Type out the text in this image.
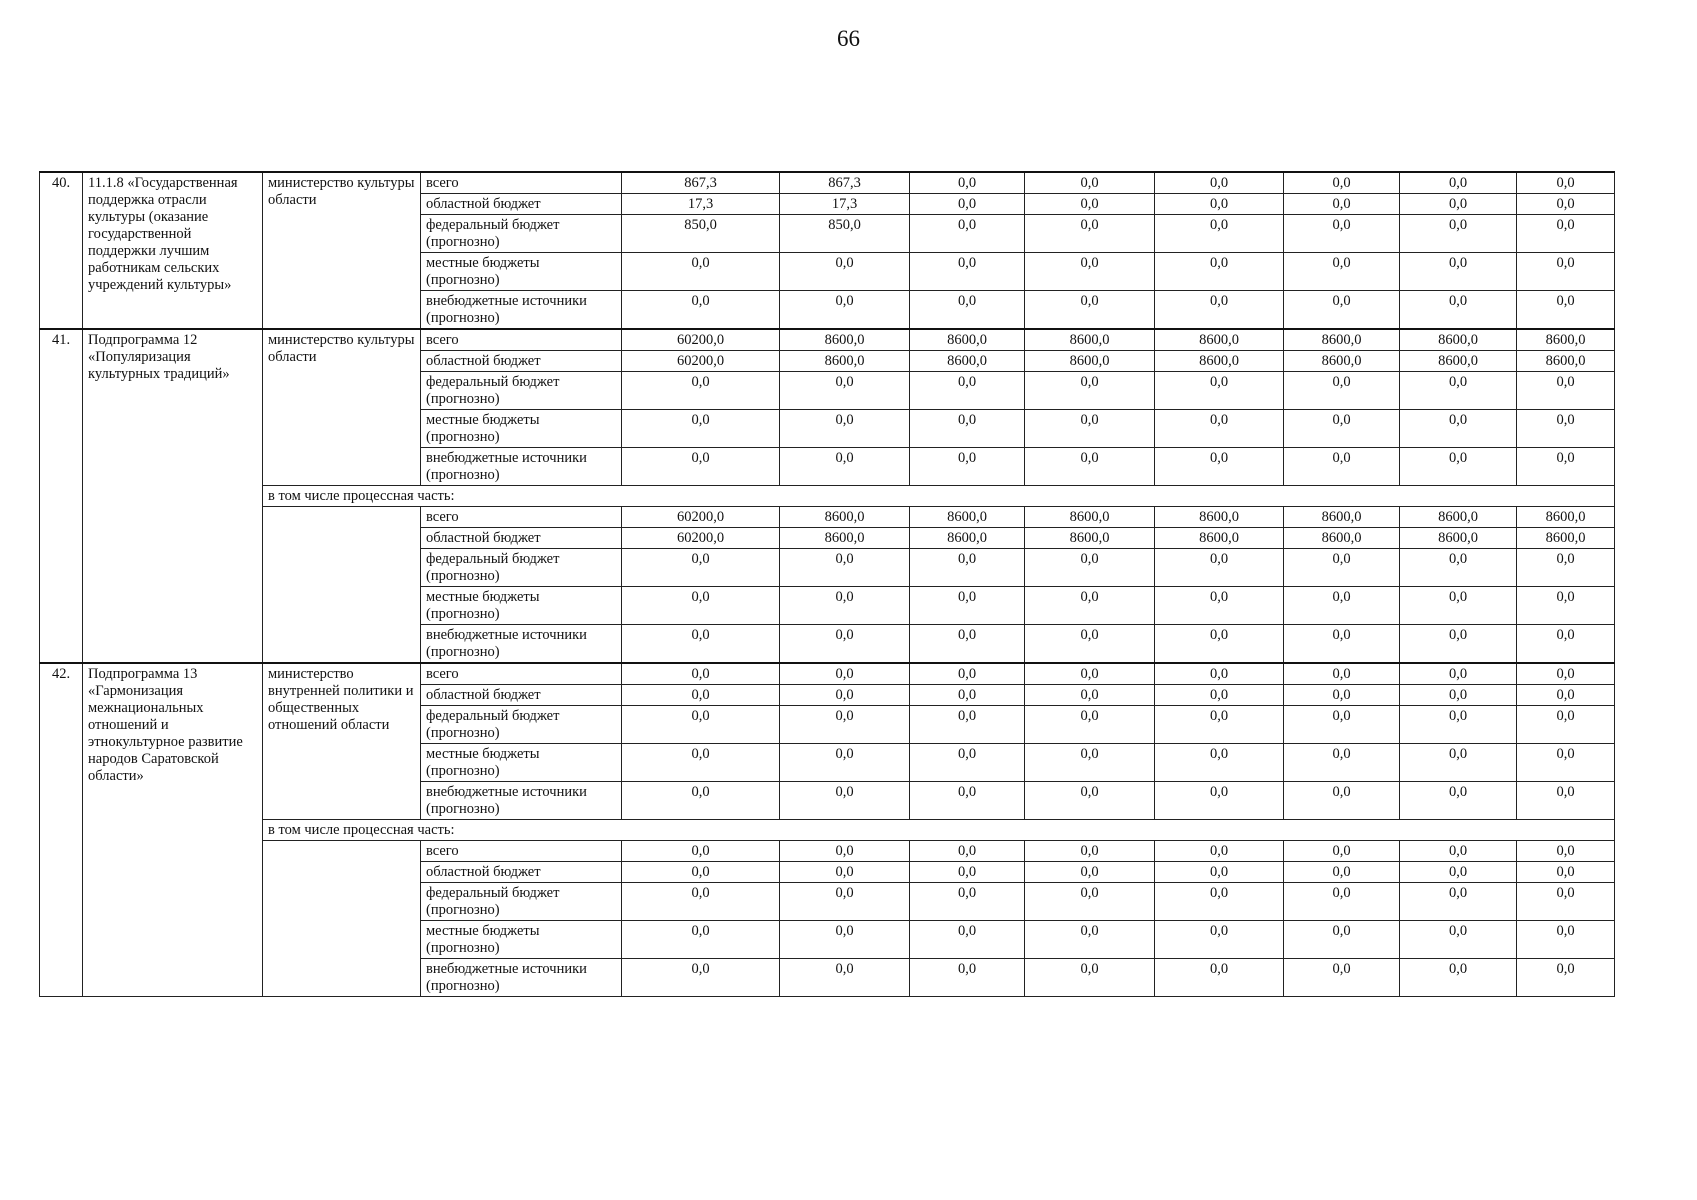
66
40.	11.1.8 «Государственная поддержка отрасли культуры (оказание государственной поддержки лучшим работникам сельских учреждений культуры»	министерство культуры области	всего	867,3	867,3	0,0	0,0	0,0	0,0	0,0	0,0
			областной бюджет	17,3	17,3	0,0	0,0	0,0	0,0	0,0	0,0
			федеральный бюджет (прогнозно)	850,0	850,0	0,0	0,0	0,0	0,0	0,0	0,0
			местные бюджеты (прогнозно)	0,0	0,0	0,0	0,0	0,0	0,0	0,0	0,0
			внебюджетные источники (прогнозно)	0,0	0,0	0,0	0,0	0,0	0,0	0,0	0,0
41.	Подпрограмма 12 «Популяризация культурных традиций»	министерство культуры области	всего	60200,0	8600,0	8600,0	8600,0	8600,0	8600,0	8600,0	8600,0
			областной бюджет	60200,0	8600,0	8600,0	8600,0	8600,0	8600,0	8600,0	8600,0
			федеральный бюджет (прогнозно)	0,0	0,0	0,0	0,0	0,0	0,0	0,0	0,0
			местные бюджеты (прогнозно)	0,0	0,0	0,0	0,0	0,0	0,0	0,0	0,0
			внебюджетные источники (прогнозно)	0,0	0,0	0,0	0,0	0,0	0,0	0,0	0,0
		в том числе процессная часть:									
			всего	60200,0	8600,0	8600,0	8600,0	8600,0	8600,0	8600,0	8600,0
			областной бюджет	60200,0	8600,0	8600,0	8600,0	8600,0	8600,0	8600,0	8600,0
			федеральный бюджет (прогнозно)	0,0	0,0	0,0	0,0	0,0	0,0	0,0	0,0
			местные бюджеты (прогнозно)	0,0	0,0	0,0	0,0	0,0	0,0	0,0	0,0
			внебюджетные источники (прогнозно)	0,0	0,0	0,0	0,0	0,0	0,0	0,0	0,0
42.	Подпрограмма 13 «Гармонизация межнациональных отношений и этнокультурное развитие народов Саратовской области»	министерство внутренней политики и общественных отношений области	всего	0,0	0,0	0,0	0,0	0,0	0,0	0,0	0,0
			областной бюджет	0,0	0,0	0,0	0,0	0,0	0,0	0,0	0,0
			федеральный бюджет (прогнозно)	0,0	0,0	0,0	0,0	0,0	0,0	0,0	0,0
			местные бюджеты (прогнозно)	0,0	0,0	0,0	0,0	0,0	0,0	0,0	0,0
			внебюджетные источники (прогнозно)	0,0	0,0	0,0	0,0	0,0	0,0	0,0	0,0
		в том числе процессная часть:									
			всего	0,0	0,0	0,0	0,0	0,0	0,0	0,0	0,0
			областной бюджет	0,0	0,0	0,0	0,0	0,0	0,0	0,0	0,0
			федеральный бюджет (прогнозно)	0,0	0,0	0,0	0,0	0,0	0,0	0,0	0,0
			местные бюджеты (прогнозно)	0,0	0,0	0,0	0,0	0,0	0,0	0,0	0,0
			внебюджетные источники (прогнозно)	0,0	0,0	0,0	0,0	0,0	0,0	0,0	0,0
